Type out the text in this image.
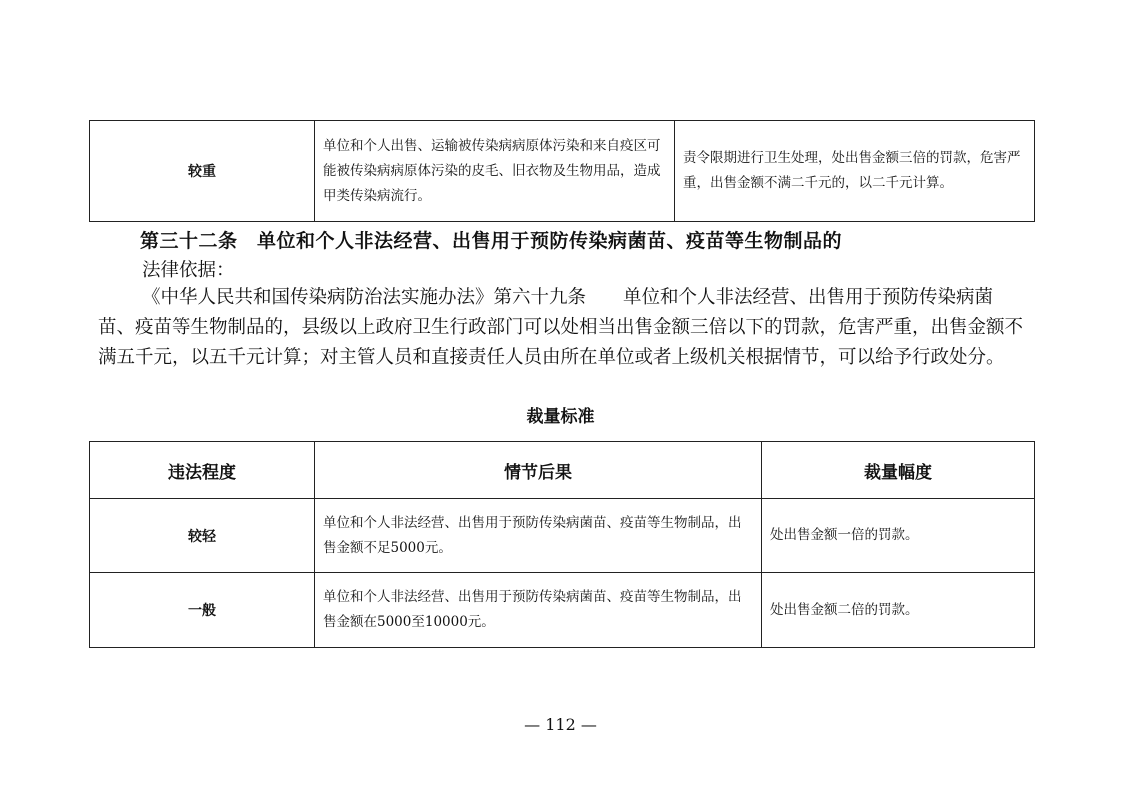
较重	单位和个人出售、运输被传染病病原体污染和来自疫区可能被传染病病原体污染的皮毛、旧衣物及生物用品，造成甲类传染病流行。	责令限期进行卫生处理，处出售金额三倍的罚款，危害严重，出售金额不满二千元的，以二千元计算。
第三十二条　单位和个人非法经营、出售用于预防传染病菌苗、疫苗等生物制品的
法律依据：
《中华人民共和国传染病防治法实施办法》第六十九条　　单位和个人非法经营、出售用于预防传染病菌苗、疫苗等生物制品的，县级以上政府卫生行政部门可以处相当出售金额三倍以下的罚款，危害严重，出售金额不满五千元，以五千元计算；对主管人员和直接责任人员由所在单位或者上级机关根据情节，可以给予行政处分。
裁量标准
违法程度	情节后果	裁量幅度
较轻	单位和个人非法经营、出售用于预防传染病菌苗、疫苗等生物制品，出售金额不足5000元。	处出售金额一倍的罚款。
一般	单位和个人非法经营、出售用于预防传染病菌苗、疫苗等生物制品，出售金额在5000至10000元。	处出售金额二倍的罚款。
— 112 —
